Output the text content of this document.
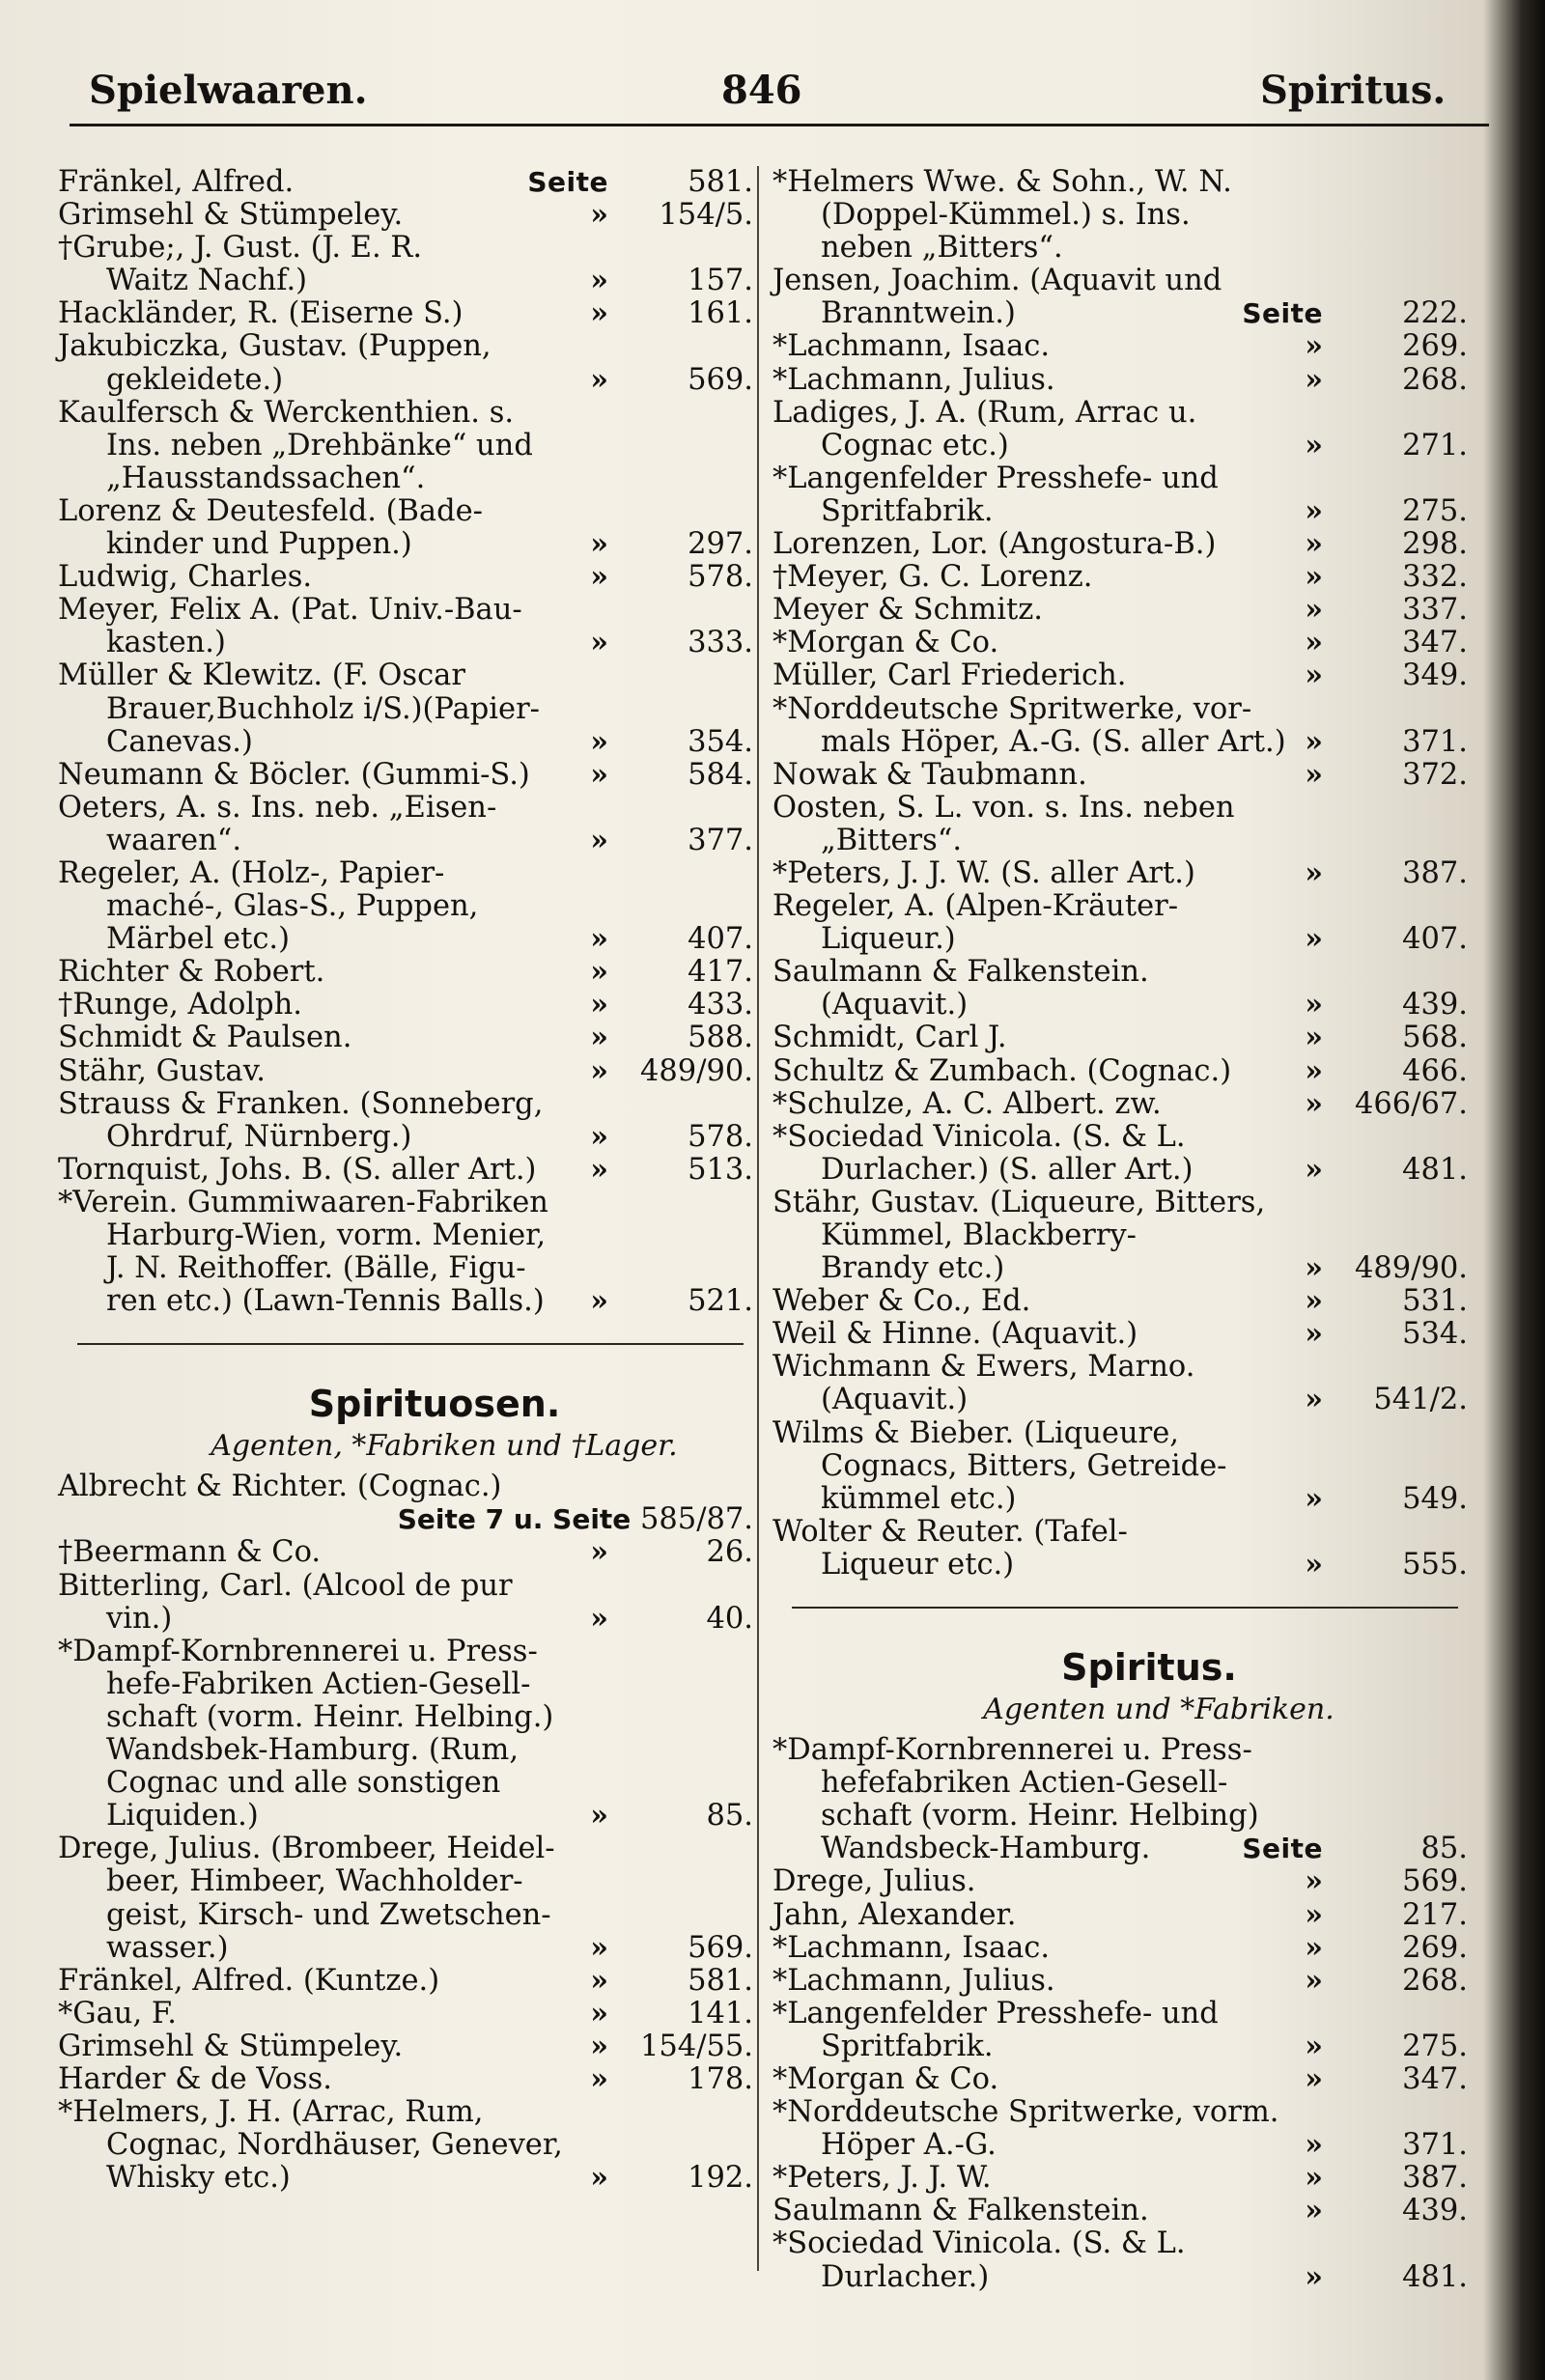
Spielwaaren.	846	Spiritus.
Fränkel, Alfred.	Seite	581.
Grimsehl & Stümpeley.	»	154/5.
†Grube;, J. Gust. (J. E. R.
Waitz Nachf.)	»	157.
Hackländer, R. (Eiserne S.)	»	161.
Jakubiczka, Gustav. (Puppen,
gekleidete.)	»	569.
Kaulfersch & Werckenthien. s.
Ins. neben „Drehbänke“ und
„Hausstandssachen“.
Lorenz & Deutesfeld. (Bade-
kinder und Puppen.)	»	297.
Ludwig, Charles.	»	578.
Meyer, Felix A. (Pat. Univ.-Bau-
kasten.)	»	333.
Müller & Klewitz. (F. Oscar
Brauer,Buchholz i/S.)(Papier-
Canevas.)	»	354.
Neumann & Böcler. (Gummi-S.) »	584.
Oeters, A. s. Ins. neb. „Eisen-
waaren“.	»	377.
Regeler, A. (Holz-, Papier-
maché-, Glas-S., Puppen,
Märbel etc.)	»	407.
Richter & Robert.	»	417.
†Runge, Adolph.	»	433.
Schmidt & Paulsen.	»	588.
Stähr, Gustav.	»	489/90.
Strauss & Franken. (Sonneberg,
Ohrdruf, Nürnberg.)	»	578.
Tornquist, Johs. B. (S. aller Art.) »	513.
*Verein. Gummiwaaren-Fabriken
Harburg-Wien, vorm. Menier,
J. N. Reithoffer. (Bälle, Figu-
ren etc.) (Lawn-Tennis Balls.) »	521.
Spirituosen.
Agenten, *Fabriken und †Lager.
Albrecht & Richter. (Cognac.)
Seite 7 u. Seite 585/87.
†Beermann & Co.	»	26.
Bitterling, Carl. (Alcool de pur
vin.)	»	40.
*Dampf-Kornbrennerei u. Press-
hefe-Fabriken Actien-Gesell-
schaft (vorm. Heinr. Helbing.)
Wandsbek-Hamburg. (Rum,
Cognac und alle sonstigen
Liquiden.)	»	85.
Drege, Julius. (Brombeer, Heidel-
beer, Himbeer, Wachholder-
geist, Kirsch- und Zwetschen-
wasser.)	»	569.
Fränkel, Alfred. (Kuntze.)	»	581.
*Gau, F.	»	141.
Grimsehl & Stümpeley.	»	154/55.
Harder & de Voss.	»	178.
*Helmers, J. H. (Arrac, Rum,
Cognac, Nordhäuser, Genever,
Whisky etc.)	»	192.
*Helmers Wwe. & Sohn., W. N.
(Doppel-Kümmel.) s. Ins.
neben „Bitters“.
Jensen, Joachim. (Aquavit und
Branntwein.)	Seite	222.
*Lachmann, Isaac.	»	269.
*Lachmann, Julius.	»	268.
Ladiges, J. A. (Rum, Arrac u.
Cognac etc.)	»	271.
*Langenfelder Presshefe- und
Spritfabrik.	»	275.
Lorenzen, Lor. (Angostura-B.)	»	298.
†Meyer, G. C. Lorenz.	»	332.
Meyer & Schmitz.	»	337.
*Morgan & Co.	»	347.
Müller, Carl Friederich.	»	349.
*Norddeutsche Spritwerke, vor-
mals Höper, A.-G. (S. aller Art.) »	371.
Nowak & Taubmann.	»	372.
Oosten, S. L. von. s. Ins. neben
„Bitters“.
*Peters, J. J. W. (S. aller Art.)	»	387.
Regeler, A. (Alpen-Kräuter-
Liqueur.)	»	407.
Saulmann & Falkenstein.
(Aquavit.)	»	439.
Schmidt, Carl J.	»	568.
Schultz & Zumbach. (Cognac.)	»	466.
*Schulze, A. C. Albert. zw.	»	466/67.
*Sociedad Vinicola. (S. & L.
Durlacher.) (S. aller Art.)	»	481.
Stähr, Gustav. (Liqueure, Bitters,
Kümmel, Blackberry-
Brandy etc.)	»	489/90.
Weber & Co., Ed.	»	531.
Weil & Hinne. (Aquavit.)	»	534.
Wichmann & Ewers, Marno.
(Aquavit.)	»	541/2.
Wilms & Bieber. (Liqueure,
Cognacs, Bitters, Getreide-
kümmel etc.)	»	549.
Wolter & Reuter. (Tafel-
Liqueur etc.)	»	555.
Spiritus.
Agenten und *Fabriken.
*Dampf-Kornbrennerei u. Press-
hefefabriken Actien-Gesell-
schaft (vorm. Heinr. Helbing)
Wandsbeck-Hamburg.	Seite	85.
Drege, Julius.	»	569.
Jahn, Alexander.	»	217.
*Lachmann, Isaac.	»	269.
*Lachmann, Julius.	»	268.
*Langenfelder Presshefe- und
Spritfabrik.	»	275.
*Morgan & Co.	»	347.
*Norddeutsche Spritwerke, vorm.
Höper A.-G.	»	371.
*Peters, J. J. W.	»	387.
Saulmann & Falkenstein.	»	439.
*Sociedad Vinicola. (S. & L.
Durlacher.)	»	481.
